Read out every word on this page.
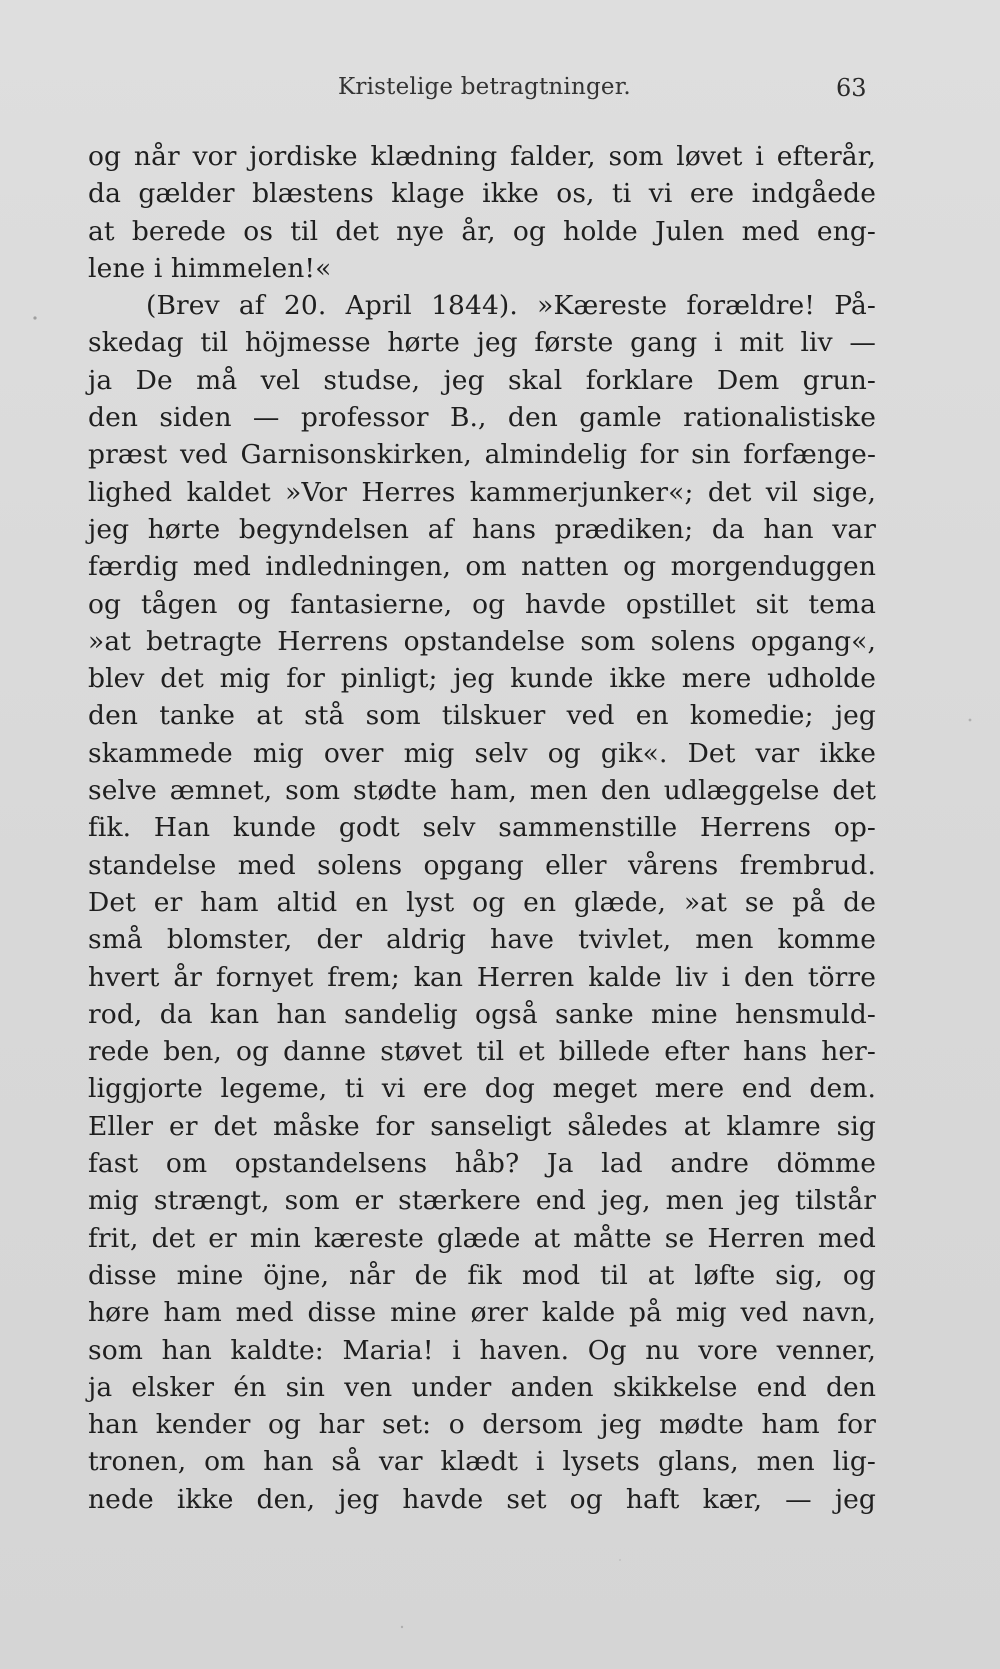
Kristelige betragtninger.	63
og når vor jordiske klædning falder, som løvet i efterår,
da gælder blæstens klage ikke os, ti vi ere indgåede
at berede os til det nye år, og holde Julen med eng-
lene i himmelen!«
(Brev af 20. April 1844). »Kæreste forældre! På-
skedag til höjmesse hørte jeg første gang i mit liv —
ja De må vel studse, jeg skal forklare Dem grun-
den siden — professor B., den gamle rationalistiske
præst ved Garnisonskirken, almindelig for sin forfænge-
lighed kaldet »Vor Herres kammerjunker«; det vil sige,
jeg hørte begyndelsen af hans prædiken; da han var
færdig med indledningen, om natten og morgenduggen
og tågen og fantasierne, og havde opstillet sit tema
»at betragte Herrens opstandelse som solens opgang«,
blev det mig for pinligt; jeg kunde ikke mere udholde
den tanke at stå som tilskuer ved en komedie; jeg
skammede mig over mig selv og gik«. Det var ikke
selve æmnet, som stødte ham, men den udlæggelse det
fik. Han kunde godt selv sammenstille Herrens op-
standelse med solens opgang eller vårens frembrud.
Det er ham altid en lyst og en glæde, »at se på de
små blomster, der aldrig have tvivlet, men komme
hvert år fornyet frem; kan Herren kalde liv i den törre
rod, da kan han sandelig også sanke mine hensmuld-
rede ben, og danne støvet til et billede efter hans her-
liggjorte legeme, ti vi ere dog meget mere end dem.
Eller er det måske for sanseligt således at klamre sig
fast om opstandelsens håb? Ja lad andre dömme
mig strængt, som er stærkere end jeg, men jeg tilstår
frit, det er min kæreste glæde at måtte se Herren med
disse mine öjne, når de fik mod til at løfte sig, og
høre ham med disse mine ører kalde på mig ved navn,
som han kaldte: Maria! i haven. Og nu vore venner,
ja elsker én sin ven under anden skikkelse end den
han kender og har set: o dersom jeg mødte ham for
tronen, om han så var klædt i lysets glans, men lig-
nede ikke den, jeg havde set og haft kær, — jeg
